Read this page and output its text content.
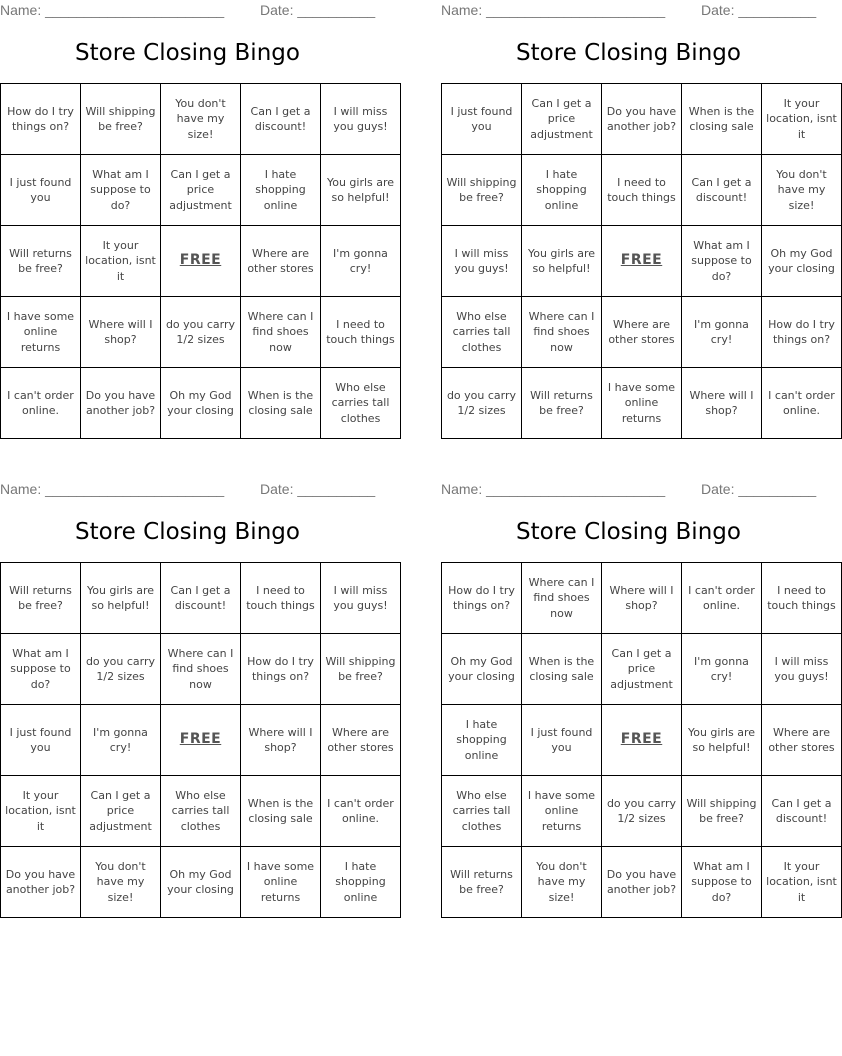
Name: _______________________	Date: __________
Store Closing Bingo
How do I try things on?	Will shipping be free?	You don't have my size!	Can I get a discount!	I will miss you guys!
I just found you	What am I suppose to do?	Can I get a price adjustment	I hate shopping online	You girls are so helpful!
Will returns be free?	It your location, isnt it	FREE	Where are other stores	I'm gonna cry!
I have some online returns	Where will I shop?	do you carry 1/2 sizes	Where can I find shoes now	I need to touch things
I can't order online.	Do you have another job?	Oh my God your closing	When is the closing sale	Who else carries tall clothes
Name: _______________________	Date: __________
Store Closing Bingo
I just found you	Can I get a price adjustment	Do you have another job?	When is the closing sale	It your location, isnt it
Will shipping be free?	I hate shopping online	I need to touch things	Can I get a discount!	You don't have my size!
I will miss you guys!	You girls are so helpful!	FREE	What am I suppose to do?	Oh my God your closing
Who else carries tall clothes	Where can I find shoes now	Where are other stores	I'm gonna cry!	How do I try things on?
do you carry 1/2 sizes	Will returns be free?	I have some online returns	Where will I shop?	I can't order online.
Name: _______________________	Date: __________
Store Closing Bingo
Will returns be free?	You girls are so helpful!	Can I get a discount!	I need to touch things	I will miss you guys!
What am I suppose to do?	do you carry 1/2 sizes	Where can I find shoes now	How do I try things on?	Will shipping be free?
I just found you	I'm gonna cry!	FREE	Where will I shop?	Where are other stores
It your location, isnt it	Can I get a price adjustment	Who else carries tall clothes	When is the closing sale	I can't order online.
Do you have another job?	You don't have my size!	Oh my God your closing	I have some online returns	I hate shopping online
Name: _______________________	Date: __________
Store Closing Bingo
How do I try things on?	Where can I find shoes now	Where will I shop?	I can't order online.	I need to touch things
Oh my God your closing	When is the closing sale	Can I get a price adjustment	I'm gonna cry!	I will miss you guys!
I hate shopping online	I just found you	FREE	You girls are so helpful!	Where are other stores
Who else carries tall clothes	I have some online returns	do you carry 1/2 sizes	Will shipping be free?	Can I get a discount!
Will returns be free?	You don't have my size!	Do you have another job?	What am I suppose to do?	It your location, isnt it
